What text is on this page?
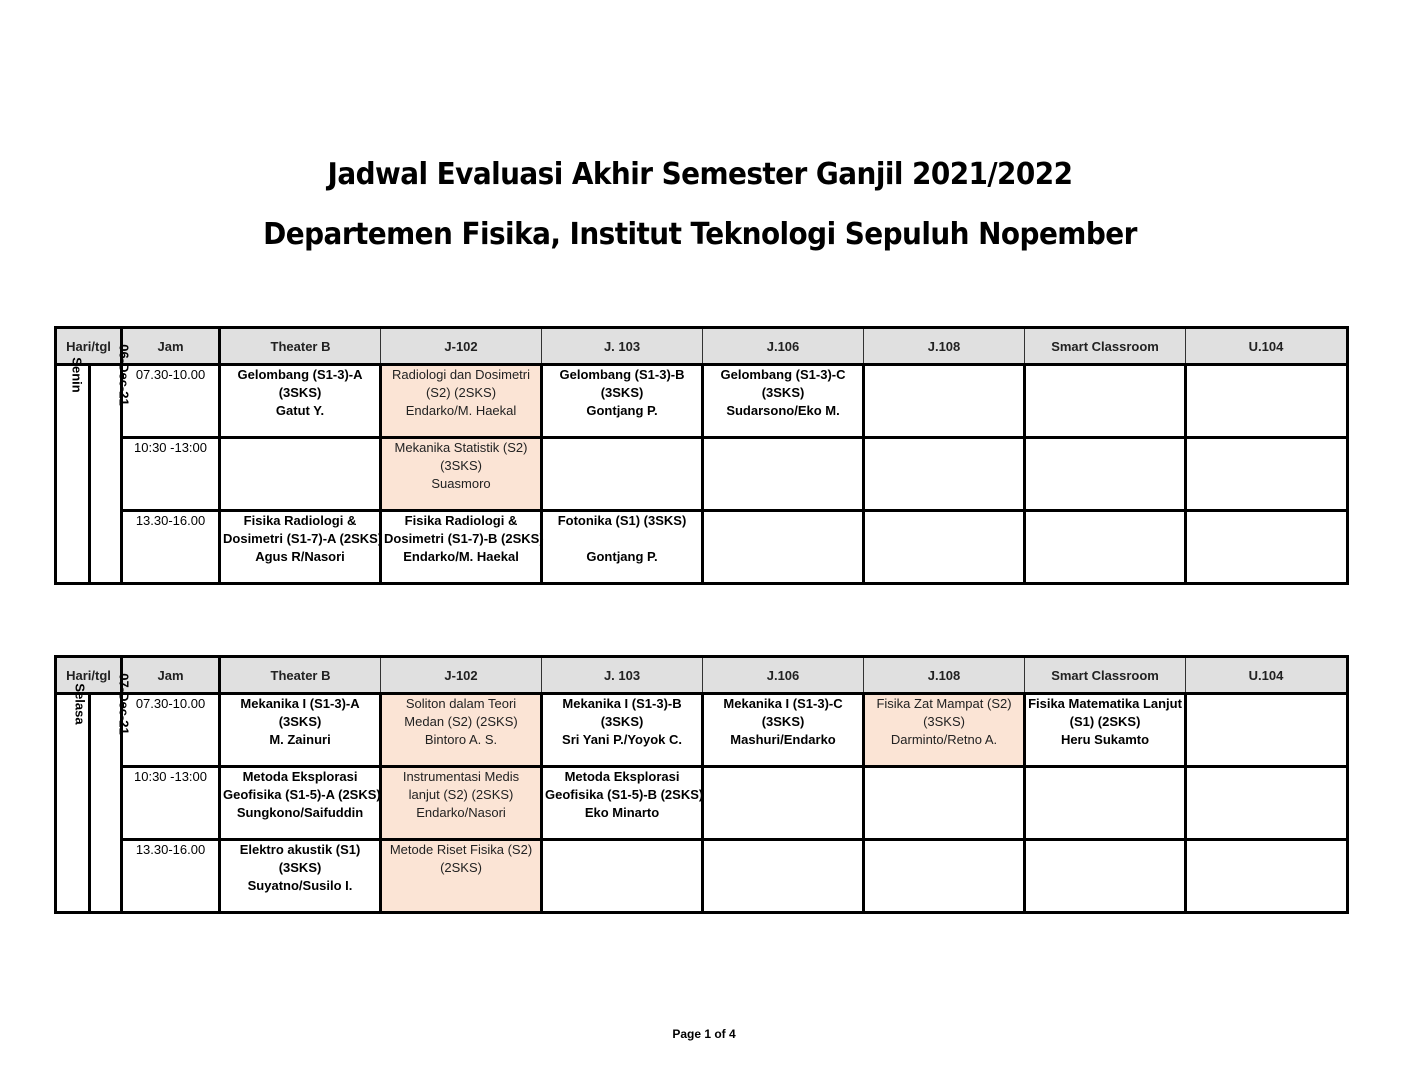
Jadwal Evaluasi Akhir Semester Ganjil 2021/2022
Departemen Fisika, Institut Teknologi Sepuluh Nopember
Hari/tgl		Jam	Theater B	J-102	J. 103	J.106	J.108	Smart Classroom	U.104
Senin	06-Dec-21	07.30-10.00	Gelombang (S1-3)-A
(3SKS)
Gatut Y.	Radiologi dan Dosimetri
(S2) (2SKS)
Endarko/M. Haekal	Gelombang (S1-3)-B
(3SKS)
Gontjang P.	Gelombang (S1-3)-C
(3SKS)
Sudarsono/Eko M.			

		10:30 -13:00		Mekanika Statistik (S2)
(3SKS)
Suasmoro					

		13.30-16.00	Fisika Radiologi &
Dosimetri (S1-7)-A (2SKS)
Agus R/Nasori	Fisika Radiologi &
Dosimetri (S1-7)-B (2SKS)
Endarko/M. Haekal	Fotonika (S1) (3SKS)

Gontjang P.				

Hari/tgl		Jam	Theater B	J-102	J. 103	J.106	J.108	Smart Classroom	U.104
Selasa	07-Dec-21	07.30-10.00	Mekanika I (S1-3)-A
(3SKS)
M. Zainuri	Soliton dalam Teori
Medan (S2) (2SKS)
Bintoro A. S.	Mekanika I (S1-3)-B
(3SKS)
Sri Yani P./Yoyok C.	Mekanika I (S1-3)-C
(3SKS)
Mashuri/Endarko	Fisika Zat Mampat (S2)
(3SKS)
Darminto/Retno A.	Fisika Matematika Lanjut
(S1) (2SKS)
Heru Sukamto	

		10:30 -13:00	Metoda Eksplorasi
Geofisika (S1-5)-A (2SKS)
Sungkono/Saifuddin	Instrumentasi Medis
lanjut (S2) (2SKS)
Endarko/Nasori	Metoda Eksplorasi
Geofisika (S1-5)-B (2SKS)
Eko Minarto				

		13.30-16.00	Elektro akustik (S1)
(3SKS)
Suyatno/Susilo I.	Metode Riset Fisika (S2)
(2SKS)					

Page 1 of 4
